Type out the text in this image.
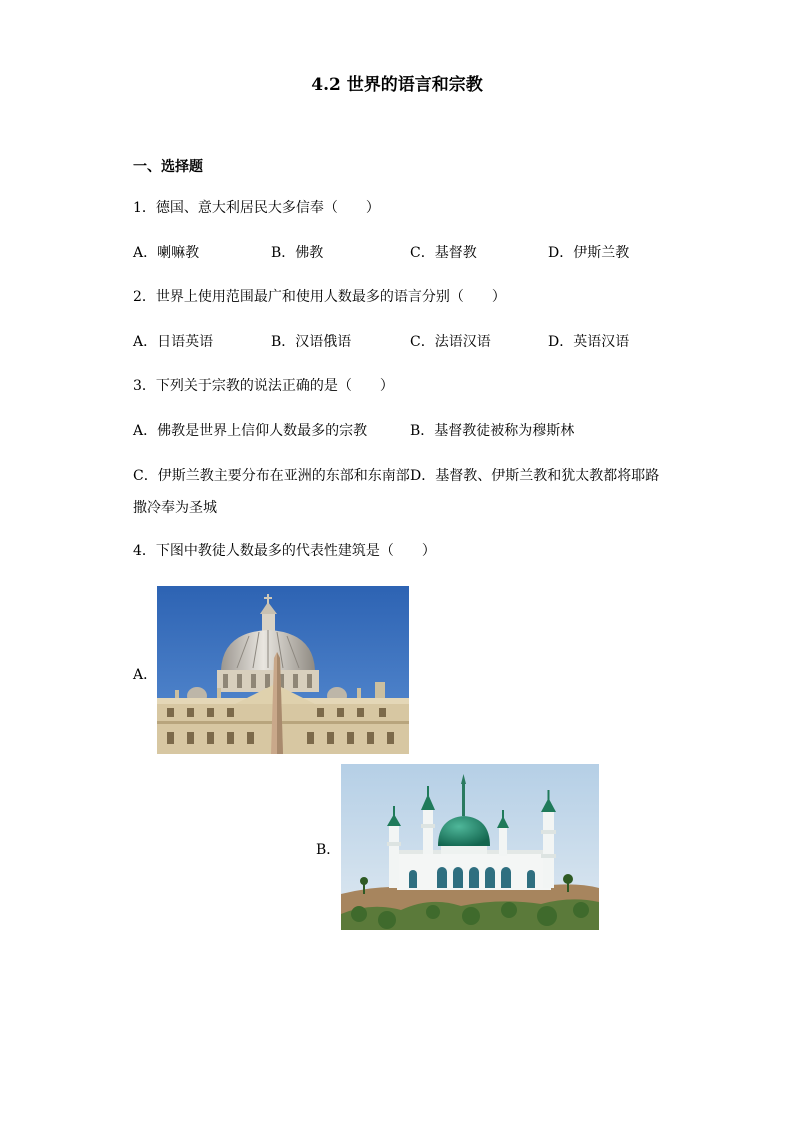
4.2 世界的语言和宗教
一、选择题
1．德国、意大利居民大多信奉（　　）
A．喇嘛教	B．佛教	C．基督教	D．伊斯兰教
2．世界上使用范围最广和使用人数最多的语言分别（　　）
A．日语英语	B．汉语俄语	C．法语汉语	D．英语汉语
3．下列关于宗教的说法正确的是（　　）
A．佛教是世界上信仰人数最多的宗教	B．基督教徒被称为穆斯林
C．伊斯兰教主要分布在亚洲的东部和东南部 D．基督教、伊斯兰教和犹太教都将耶路
撒冷奉为圣城
4．下图中教徒人数最多的代表性建筑是（　　）
A．
B．
